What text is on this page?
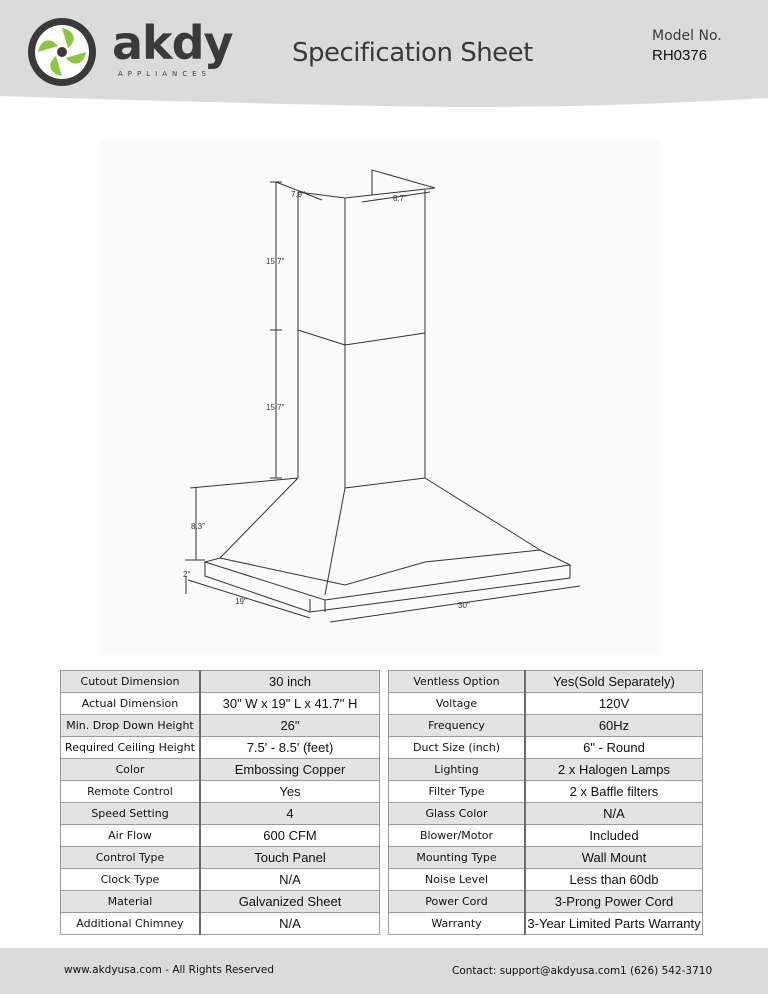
akdy
APPLIANCES
Specification Sheet
Model No.
RH0376
7.9"	8.7"
15.7"
15.7"
8.3"
2"
19"	30"
Cutout Dimension	30 inch
Actual Dimension	30" W x 19" L x 41.7" H
Min. Drop Down Height	26"
Required Ceiling Height	7.5' - 8.5' (feet)
Color	Embossing Copper
Remote Control	Yes
Speed Setting	4
Air Flow	600 CFM
Control Type	Touch Panel
Clock Type	N/A
Material	Galvanized Sheet
Additional Chimney	N/A
Ventless Option	Yes(Sold Separately)
Voltage	120V
Frequency	60Hz
Duct Size (inch)	6" - Round
Lighting	2 x Halogen Lamps
Filter Type	2 x Baffle filters
Glass Color	N/A
Blower/Motor	Included
Mounting Type	Wall Mount
Noise Level	Less than 60db
Power Cord	3-Prong Power Cord
Warranty	3-Year Limited Parts Warranty
www.akdyusa.com - All Rights Reserved	Contact: support@akdyusa.com 1 (626) 542-3710
